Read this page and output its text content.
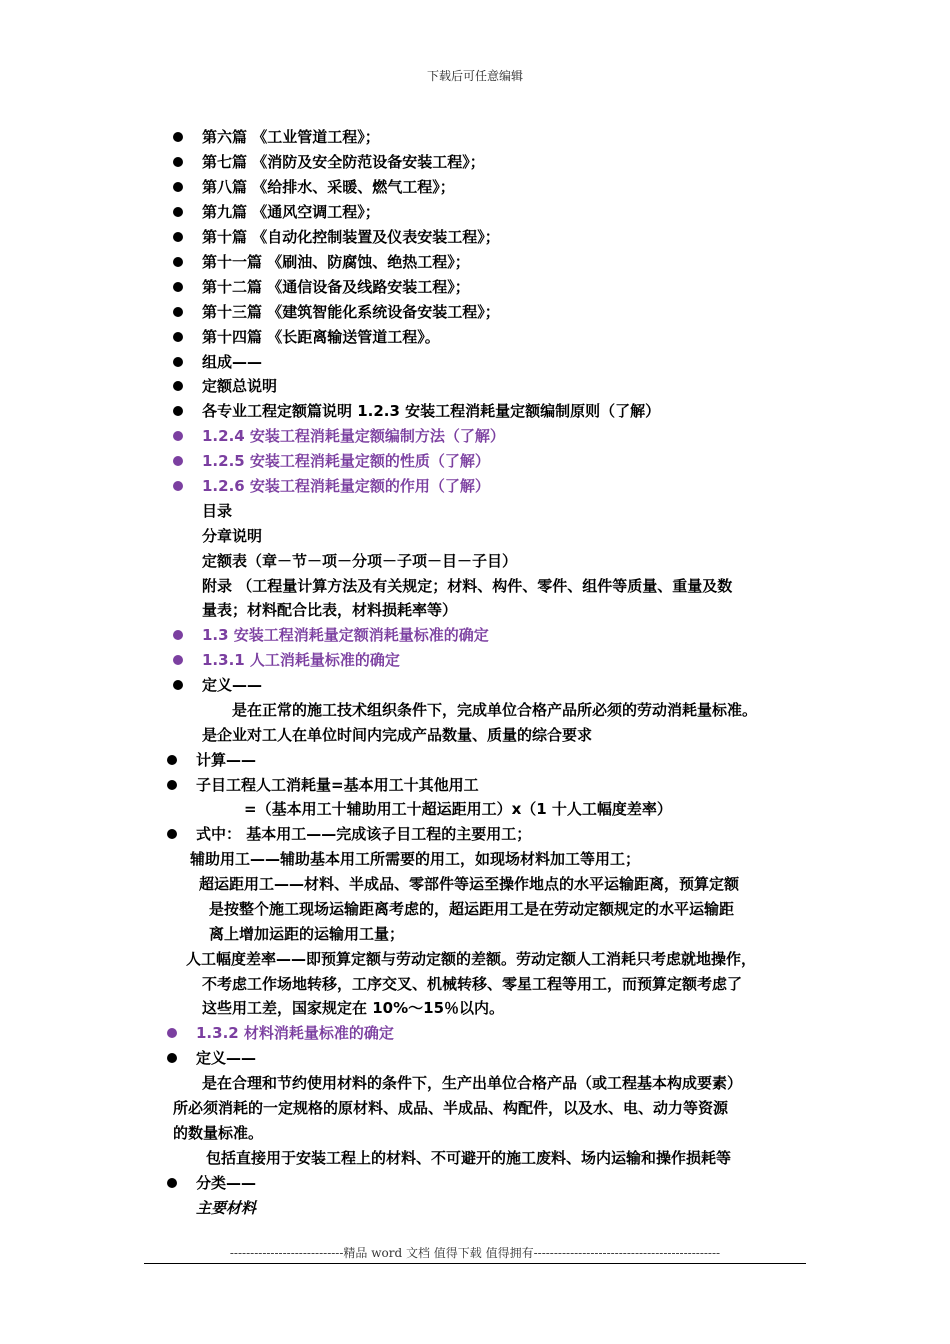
下载后可任意编辑
第六篇 《工业管道工程》；
第七篇 《消防及安全防范设备安装工程》；
第八篇 《给排水、采暖、燃气工程》；
第九篇 《通风空调工程》；
第十篇 《自动化控制装置及仪表安装工程》；
第十一篇 《刷油、防腐蚀、绝热工程》；
第十二篇 《通信设备及线路安装工程》；
第十三篇 《建筑智能化系统设备安装工程》；
第十四篇 《长距离输送管道工程》。
组成——
定额总说明
各专业工程定额篇说明 1.2.3 安装工程消耗量定额编制原则（了解）
1.2.4 安装工程消耗量定额编制方法（了解）
1.2.5 安装工程消耗量定额的性质（了解）
1.2.6 安装工程消耗量定额的作用（了解）
目录
分章说明
定额表（章－节－项－分项－子项－目－子目）
附录 （工程量计算方法及有关规定；材料、构件、零件、组件等质量、重量及数
量表；材料配合比表，材料损耗率等）
1.3 安装工程消耗量定额消耗量标准的确定
1.3.1 人工消耗量标准的确定
定义——
是在正常的施工技术组织条件下，完成单位合格产品所必须的劳动消耗量标准。
是企业对工人在单位时间内完成产品数量、质量的综合要求
计算——
子目工程人工消耗量=基本用工十其他用工
=（基本用工十辅助用工十超运距用工）x（1 十人工幅度差率）
式中： 基本用工——完成该子目工程的主要用工；
辅助用工——辅助基本用工所需要的用工，如现场材料加工等用工；
超运距用工——材料、半成品、零部件等运至操作地点的水平运输距离，预算定额
是按整个施工现场运输距离考虑的，超运距用工是在劳动定额规定的水平运输距
离上增加运距的运输用工量；
人工幅度差率——即预算定额与劳动定额的差额。劳动定额人工消耗只考虑就地操作，
不考虑工作场地转移，工序交叉、机械转移、零星工程等用工，而预算定额考虑了
这些用工差，国家规定在 10%～15％以内。
1.3.2 材料消耗量标准的确定
定义——
是在合理和节约使用材料的条件下，生产出单位合格产品（或工程基本构成要素）
所必须消耗的一定规格的原材料、成品、半成品、构配件，以及水、电、动力等资源
的数量标准。
包括直接用于安装工程上的材料、不可避开的施工废料、场内运输和操作损耗等
分类——
主要材料
----------------------------精品 word 文档 值得下载 值得拥有----------------------------------------------
